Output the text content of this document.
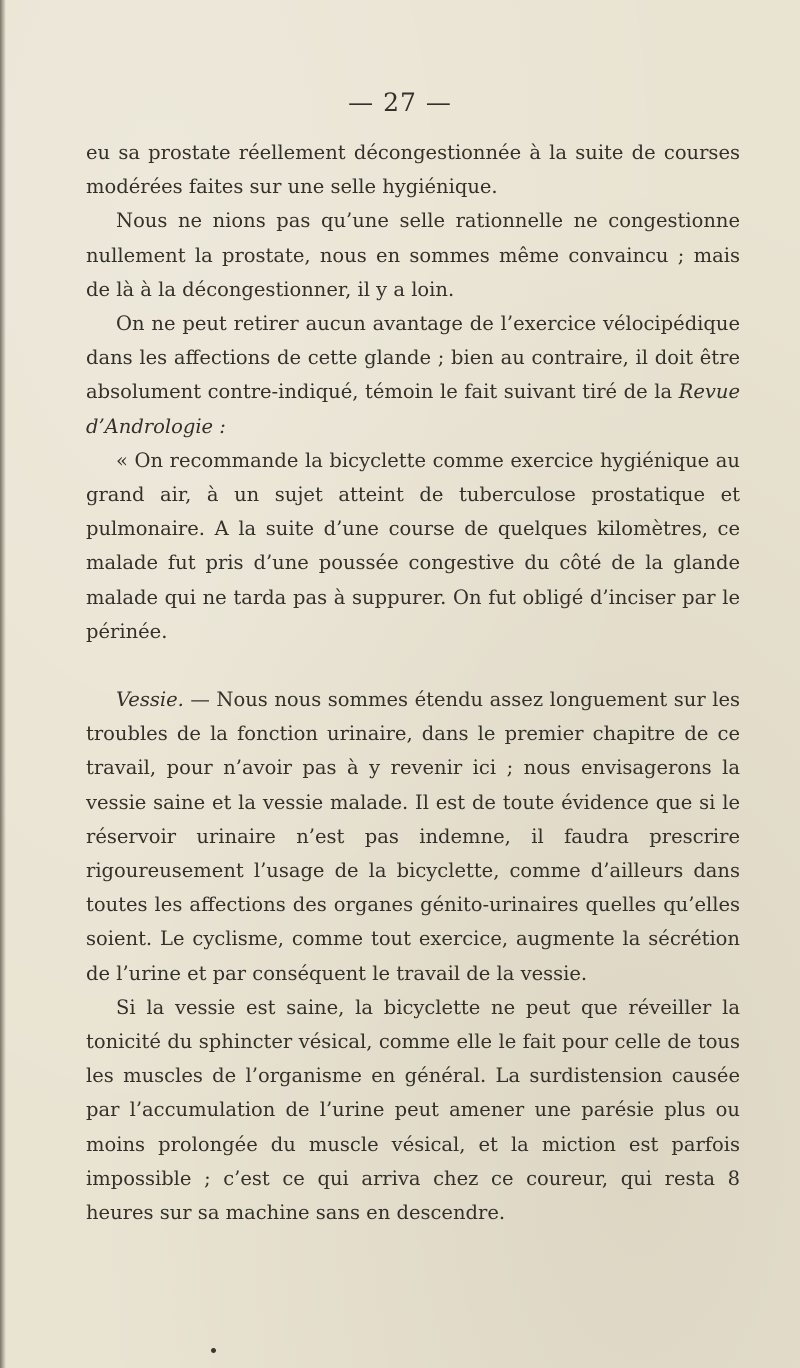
— 27 —

eu sa prostate réellement décongestionnée à la suite de courses modérées faites sur une selle hygiénique.

Nous ne nions pas qu’une selle rationnelle ne congestionne nullement la prostate, nous en sommes même convaincu ; mais de là à la décongestionner, il y a loin.

On ne peut retirer aucun avantage de l’exercice vélocipédique dans les affections de cette glande ; bien au contraire, il doit être absolument contre-indiqué, témoin le fait suivant tiré de la Revue d’Andrologie :

« On recommande la bicyclette comme exercice hygiénique au grand air, à un sujet atteint de tuberculose prostatique et pulmonaire. A la suite d’une course de quelques kilomètres, ce malade fut pris d’une poussée congestive du côté de la glande malade qui ne tarda pas à suppurer. On fut obligé d’inciser par le périnée.

Vessie. — Nous nous sommes étendu assez longuement sur les troubles de la fonction urinaire, dans le premier chapitre de ce travail, pour n’avoir pas à y revenir ici ; nous envisagerons la vessie saine et la vessie malade. Il est de toute évidence que si le réservoir urinaire n’est pas indemne, il faudra prescrire rigoureusement l’usage de la bicyclette, comme d’ailleurs dans toutes les affections des organes génito-urinaires quelles qu’elles soient. Le cyclisme, comme tout exercice, augmente la sécrétion de l’urine et par conséquent le travail de la vessie.

Si la vessie est saine, la bicyclette ne peut que réveiller la tonicité du sphincter vésical, comme elle le fait pour celle de tous les muscles de l’organisme en général. La surdistension causée par l’accumulation de l’urine peut amener une parésie plus ou moins prolongée du muscle vésical, et la miction est parfois impossible ; c’est ce qui arriva chez ce coureur, qui resta 8 heures sur sa machine sans en descendre.
